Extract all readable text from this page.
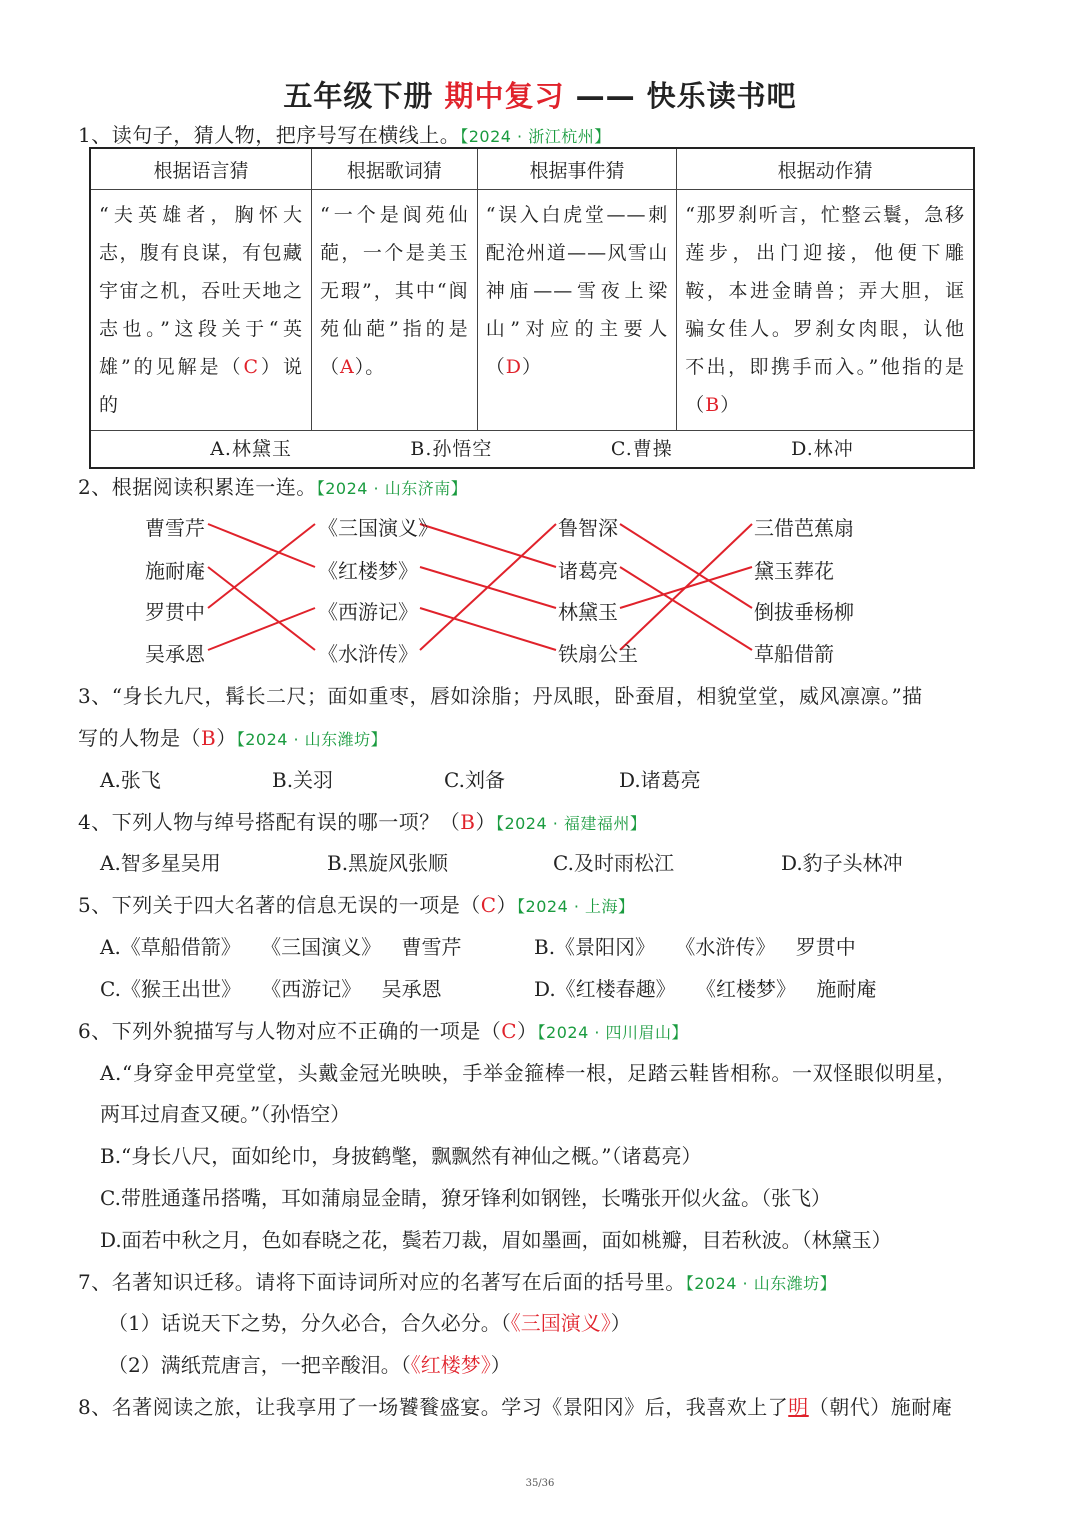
五年级下册 期中复习 —— 快乐读书吧
1、读句子，猜人物，把序号写在横线上。【2024 · 浙江杭州】
根据语言猜	根据歌词猜	根据事件猜	根据动作猜
“夫英雄者，胸怀大志，腹有良谋，有包藏宇宙之机，吞吐天地之志也。”这段关于“英雄”的见解是（C）说的	“一个是阆苑仙葩，一个是美玉无瑕”，其中“阆苑仙葩”指的是（A）。	“误入白虎堂——刺配沧州道——风雪山神庙——雪夜上梁山”对应的主要人（D）	“那罗刹听言，忙整云鬟，急移莲步，出门迎接，他便下雕鞍，本进金睛兽；弄大胆，诓骗女佳人。罗刹女肉眼，认他不出，即携手而入。”他指的是（B）

A.林黛玉 B.孙悟空 C.曹操 D.林冲			
2、根据阅读积累连一连。【2024 · 山东济南】
曹雪芹
施耐庵
罗贯中
吴承恩
《三国演义》
《红楼梦》
《西游记》
《水浒传》
鲁智深
诸葛亮
林黛玉
铁扇公主
三借芭蕉扇
黛玉葬花
倒拔垂杨柳
草船借箭
3、“身长九尺，髯长二尺；面如重枣，唇如涂脂；丹凤眼，卧蚕眉，相貌堂堂，威风凛凛。”描
写的人物是（B）【2024 · 山东潍坊】
A.张飞	B.关羽	C.刘备	D.诸葛亮
4、下列人物与绰号搭配有误的哪一项？（B）【2024 · 福建福州】
A.智多星吴用	B.黑旋风张顺	C.及时雨松江	D.豹子头林冲
5、下列关于四大名著的信息无误的一项是（C）【2024 · 上海】
A.《草船借箭》 《三国演义》 曹雪芹	B.《景阳冈》 《水浒传》 罗贯中
C.《猴王出世》 《西游记》 吴承恩	D.《红楼春趣》 《红楼梦》 施耐庵
6、下列外貌描写与人物对应不正确的一项是（C）【2024 · 四川眉山】
A.“身穿金甲亮堂堂，头戴金冠光映映，手举金箍棒一根，足踏云鞋皆相称。一双怪眼似明星，
两耳过肩查又硬。”（孙悟空）
B.“身长八尺，面如纶巾，身披鹤氅，飘飘然有神仙之概。”（诸葛亮）
C.带胜通蓬吊搭嘴，耳如蒲扇显金睛，獠牙锋利如钢锉，长嘴张开似火盆。（张飞）
D.面若中秋之月，色如春晓之花，鬓若刀裁，眉如墨画，面如桃瓣，目若秋波。（林黛玉）
7、名著知识迁移。请将下面诗词所对应的名著写在后面的括号里。【2024 · 山东潍坊】
（1）话说天下之势，分久必合，合久必分。（《三国演义》）
（2）满纸荒唐言，一把辛酸泪。（《红楼梦》）
8、名著阅读之旅，让我享用了一场饕餮盛宴。学习《景阳冈》后，我喜欢上了明（朝代）施耐庵
35/36
